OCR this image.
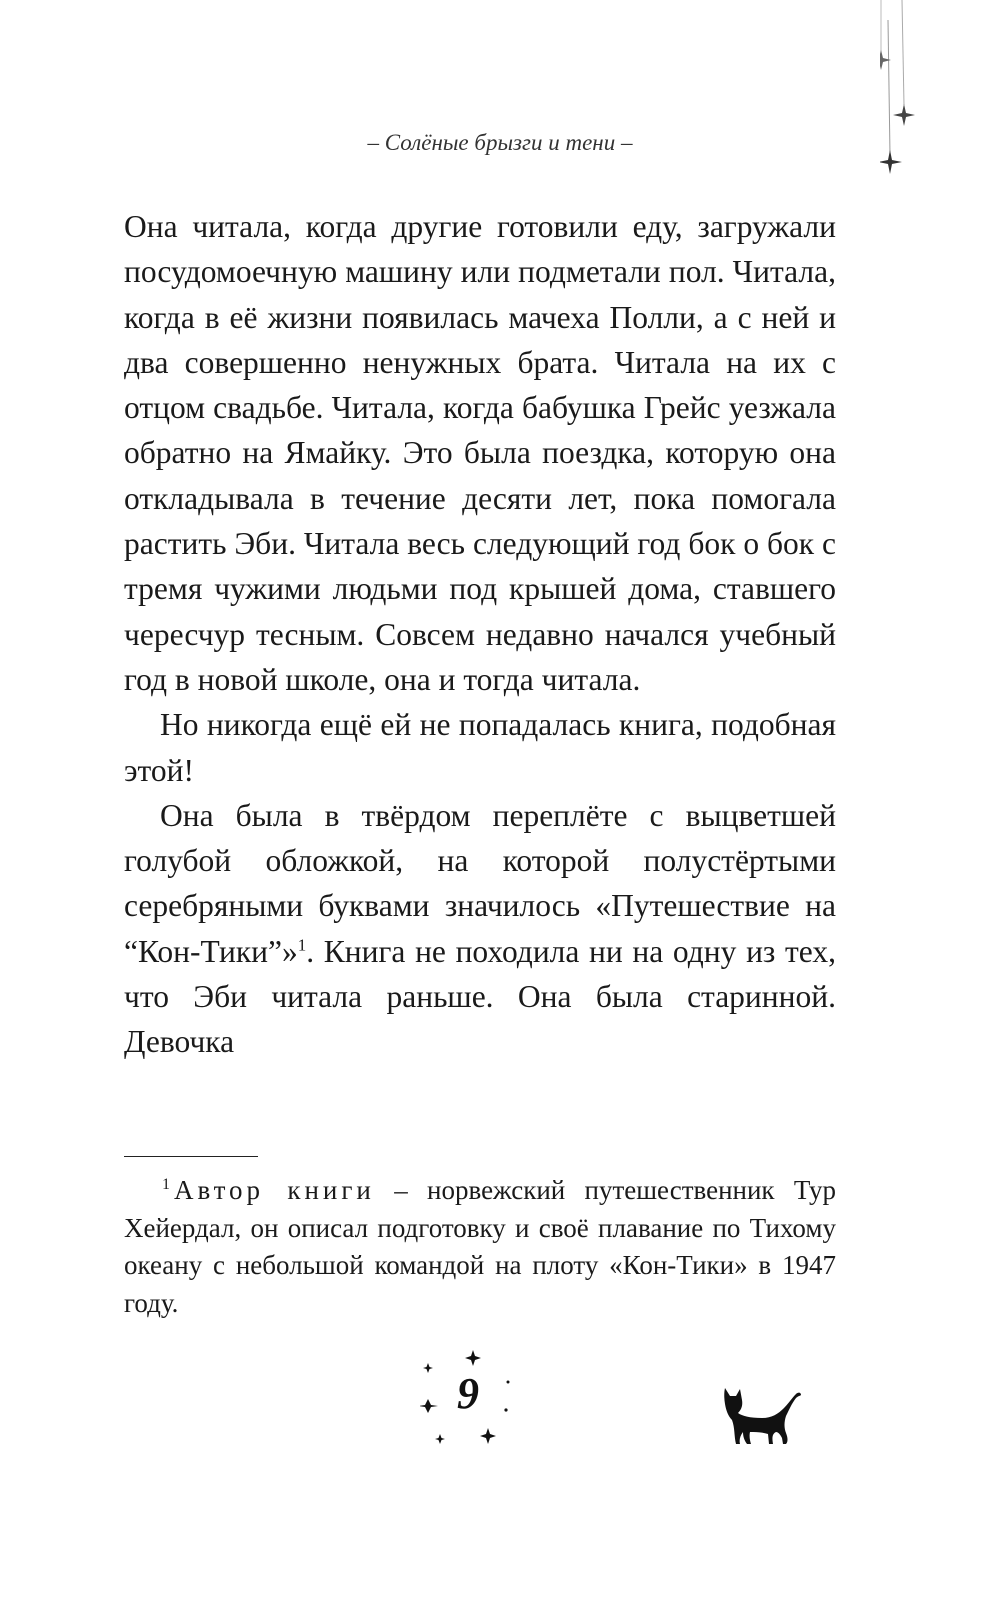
– Солёные брызги и тени –

Она читала, когда другие готовили еду, загружали посудомоечную машину или подметали пол. Читала, когда в её жизни появилась мачеха Полли, а с ней и два совершенно ненужных брата. Читала на их с отцом свадьбе. Читала, когда бабушка Грейс уезжала обратно на Ямайку. Это была поездка, которую она откладывала в течение десяти лет, пока помогала растить Эби. Читала весь следующий год бок о бок с тремя чужими людьми под крышей дома, ставшего чересчур тесным. Совсем недавно начался учебный год в новой школе, она и тогда читала.

Но никогда ещё ей не попадалась книга, подобная этой!

Она была в твёрдом переплёте с выцветшей голубой обложкой, на которой полустёртыми серебряными буквами значилось «Путешествие на “Кон-Тики”»$^1$. Книга не походила ни на одну из тех, что Эби читала раньше. Она была старинной. Девочка

$^1$ Автор книги – норвежский путешественник Тур Хейердал, он описал подготовку и своё плавание по Тихому океану с небольшой командой на плоту «Кон-Тики» в 1947 году.

9
